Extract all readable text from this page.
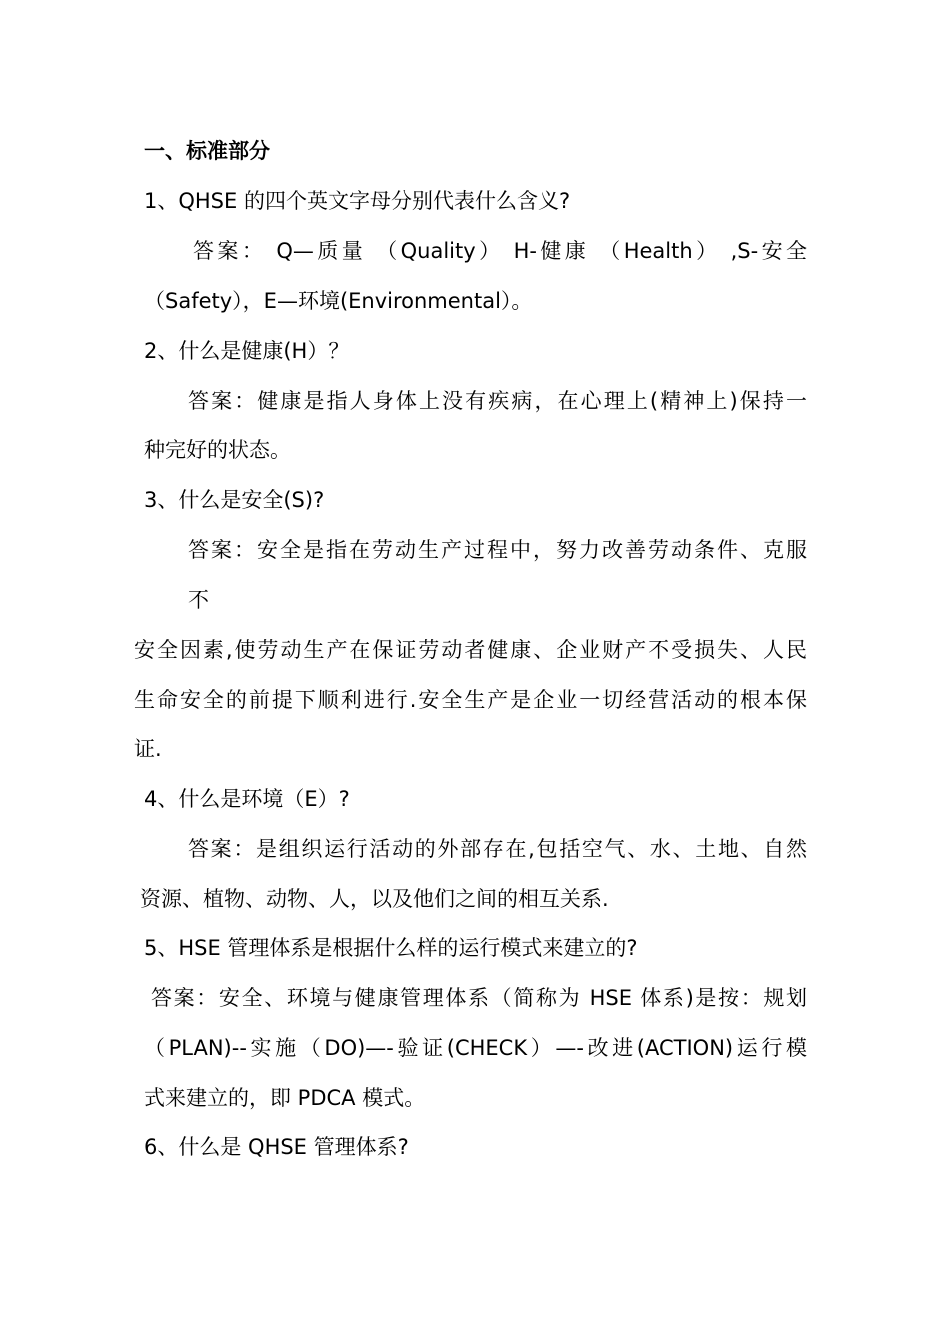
一、标准部分
1、QHSE 的四个英文字母分别代表什么含义?
答案： Q—质量 （Quality） H-健康 （Health） ,S-安全
（Safety），E—环境(Environmental）。
2、什么是健康(H）？
答案：健康是指人身体上没有疾病，在心理上(精神上)保持一
种完好的状态。
3、什么是安全(S)?
答案：安全是指在劳动生产过程中，努力改善劳动条件、克服
不
安全因素,使劳动生产在保证劳动者健康、企业财产不受损失、人民
生命安全的前提下顺利进行.安全生产是企业一切经营活动的根本保
证.
4、什么是环境（E）?
答案：是组织运行活动的外部存在,包括空气、水、土地、自然
资源、植物、动物、人，以及他们之间的相互关系.
5、HSE 管理体系是根据什么样的运行模式来建立的?
答案：安全、环境与健康管理体系（简称为 HSE 体系)是按：规划
（PLAN)--实施（DO)—-验证(CHECK）—-改进(ACTION)运行模
式来建立的，即 PDCA 模式。
6、什么是 QHSE 管理体系?
